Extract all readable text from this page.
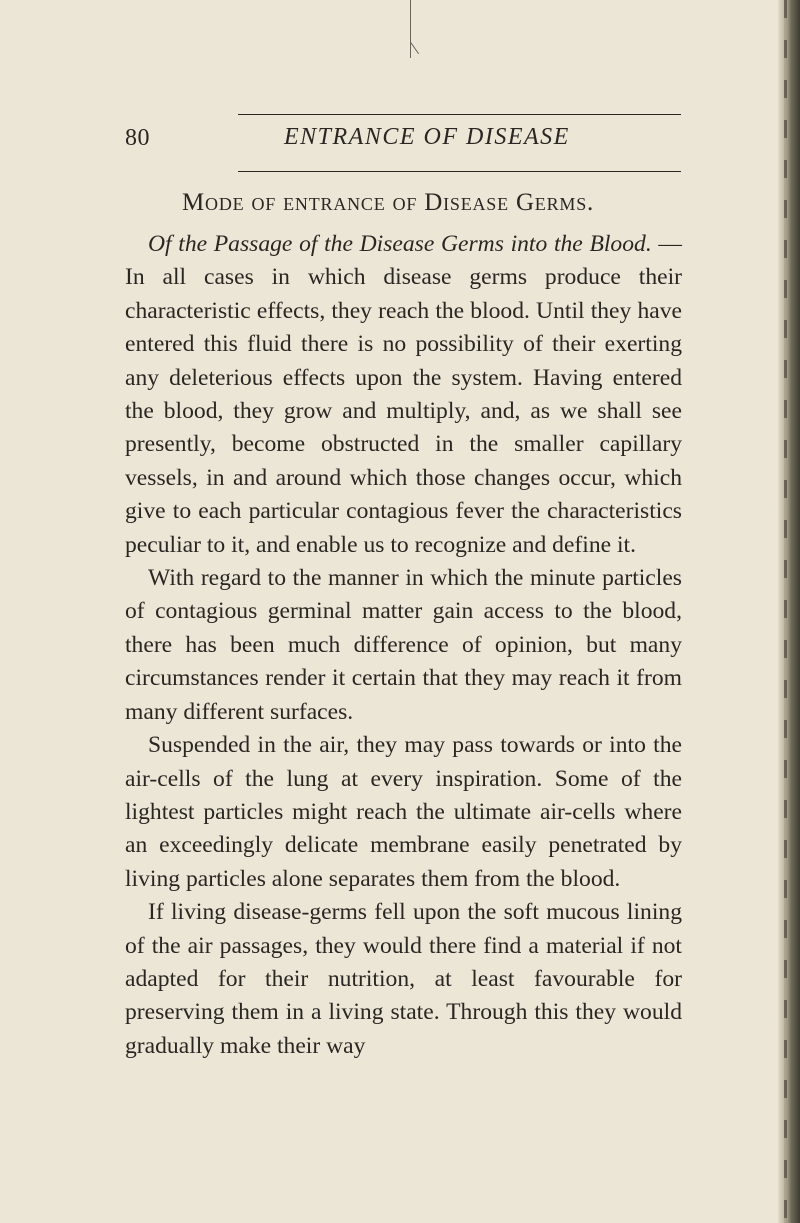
80	ENTRANCE OF DISEASE
Mode of entrance of Disease Germs.

Of the Passage of the Disease Germs into the Blood. —In all cases in which disease germs produce their characteristic effects, they reach the blood. Until they have entered this fluid there is no possibility of their exerting any deleterious effects upon the system. Having entered the blood, they grow and multiply, and, as we shall see presently, become obstructed in the smaller capillary vessels, in and around which those changes occur, which give to each particular contagious fever the characteristics peculiar to it, and enable us to recognize and define it.

With regard to the manner in which the minute particles of contagious germinal matter gain access to the blood, there has been much difference of opinion, but many circumstances render it certain that they may reach it from many different surfaces.

Suspended in the air, they may pass towards or into the air-cells of the lung at every inspiration. Some of the lightest particles might reach the ultimate air-cells where an exceedingly delicate membrane easily penetrated by living particles alone separates them from the blood.

If living disease-germs fell upon the soft mucous lining of the air passages, they would there find a material if not adapted for their nutrition, at least favourable for preserving them in a living state. Through this they would gradually make their way
